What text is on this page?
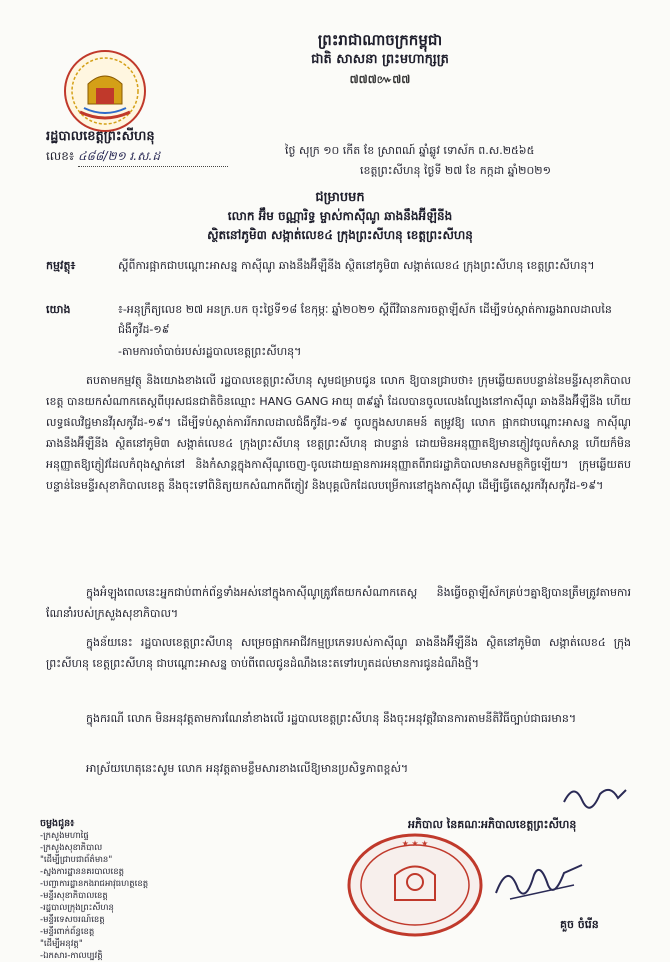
ព្រះរាជាណាចក្រកម្ពុជា
ជាតិ សាសនា ព្រះមហាក្សត្រ
៧៧៧៚៧៧
រដ្ឋបាលខេត្តព្រះសីហនុ
លេខ៖ ៤៨៨/២១ រ.ស.ដ	ថ្ងៃ សុក្រ ១០ កើត ខែ ស្រាពណ៍ ឆ្នាំឆ្លូវ ទោស័ក ព.ស.២៥៦៥
ខេត្តព្រះសីហនុ ថ្ងៃទី ២៧ ខែ កក្កដា ឆ្នាំ២០២១
ជម្រាបមក
លោក អ៊ឹម ចណ្ណារិទ្ធ ម្ចាស់កាស៊ីណូ ឆាងនឹងអ៊ីឡឺនីង
ស្ថិតនៅភូមិ៣ សង្កាត់លេខ៤ ក្រុងព្រះសីហនុ ខេត្តព្រះសីហនុ
កម្មវត្ថុ៖	ស្តីពីការផ្អាកជាបណ្តោះអាសន្ន កាស៊ីណូ ឆាងនឹងអ៊ីឡឺនីង ស្ថិតនៅភូមិ៣ សង្កាត់លេខ៤ ក្រុងព្រះសីហនុ ខេត្តព្រះសីហនុ។
យោង	៖-អនុក្រឹត្យលេខ ២៧ អនក្រ.បក ចុះថ្ងៃទី១៨ ខែកុម្ភៈ ឆ្នាំ២០២១ ស្តីពីវិធានការចត្តាឡីស័ក ដើម្បីទប់ស្កាត់ការឆ្លងរាលដាលនៃជំងឺកូវីដ-១៩
-តាមការចាំបាច់របស់រដ្ឋបាលខេត្តព្រះសីហនុ។
តបតាមកម្មវត្ថុ និងយោងខាងលើ រដ្ឋបាលខេត្តព្រះសីហនុ សូមជម្រាបជូន លោក ឱ្យបានជ្រាបថា៖ ក្រុមឆ្លើយតបបន្ទាន់នៃមន្ទីរសុខាភិបាលខេត្ត បានយកសំណាកតេស្តពីបុរសជនជាតិចិនឈ្មោះ HANG GANG អាយុ ៣៩ឆ្នាំ ដែលបានចូលលេងល្បែងនៅកាស៊ីណូ ឆាងនឹងអ៊ីឡឺនីង ហើយលទ្ធផលវិជ្ជមានវីរុសកូវីដ-១៩។ ដើម្បីទប់ស្កាត់ការរីករាលដាលជំងឺកូវីដ-១៩ ចូលក្នុងសហគមន៍ តម្រូវឱ្យ លោក ផ្អាកជាបណ្តោះអាសន្ន កាស៊ីណូ ឆាងនឹងអ៊ីឡឺនីង ស្ថិតនៅភូមិ៣ សង្កាត់លេខ៤ ក្រុងព្រះសីហនុ ខេត្តព្រះសីហនុ ជាបន្ទាន់ ដោយមិនអនុញ្ញាតឱ្យមានភ្ញៀវចូលកំសាន្ត ហើយក៏មិនអនុញ្ញាតឱ្យភ្ញៀវដែលកំពុងស្នាក់នៅ និងកំសាន្តក្នុងកាស៊ីណូចេញ-ចូលដោយគ្មានការអនុញ្ញាតពីរាជរដ្ឋាភិបាលមានសមត្ថកិច្ចឡើយ។ ក្រុមឆ្លើយតបបន្ទាន់នៃមន្ទីរសុខាភិបាលខេត្ត នឹងចុះទៅពិនិត្យយកសំណាកពីភ្ញៀវ និងបុគ្គលិកដែលបម្រើការនៅក្នុងកាស៊ីណូ ដើម្បីធ្វើតេស្តរកវីរុសកូវីដ-១៩។
ក្នុងអំឡុងពេលនេះអ្នកជាប់ពាក់ព័ន្ធទាំងអស់នៅក្នុងកាស៊ីណូត្រូវតែយកសំណាកតេស្ត និងធ្វើចត្តាឡីស័កគ្រប់ៗគ្នាឱ្យបានត្រឹមត្រូវតាមការណែនាំរបស់ក្រសួងសុខាភិបាល។
ក្នុងន័យនេះ រដ្ឋបាលខេត្តព្រះសីហនុ សម្រេចផ្អាកអាជីវកម្មប្រភេទរបស់កាស៊ីណូ ឆាងនឹងអ៊ីឡឺនីង ស្ថិតនៅភូមិ៣ សង្កាត់លេខ៤ ក្រុងព្រះសីហនុ ខេត្តព្រះសីហនុ ជាបណ្តោះអាសន្ន ចាប់ពីពេលជូនដំណឹងនេះតទៅរហូតដល់មានការជូនដំណឹងថ្មី។
ក្នុងករណី លោក មិនអនុវត្តតាមការណែនាំខាងលើ រដ្ឋបាលខេត្តព្រះសីហនុ នឹងចុះអនុវត្តវិធានការតាមនីតិវិធីច្បាប់ជាធរមាន។
អាស្រ័យហេតុនេះសូម លោក អនុវត្តតាមខ្លឹមសារខាងលើឱ្យមានប្រសិទ្ធភាពខ្ពស់។
ចម្លងជូន៖
-ក្រសួងមហាផ្ទៃ
-ក្រសួងសុខាភិបាល
"ដើម្បីជ្រាបជាព័ត៌មាន"
-ស្នងការដ្ឋាននគរបាលខេត្ត
-បញ្ជាការដ្ឋានកងរាជអាវុធហត្ថខេត្ត
-មន្ទីរសុខាភិបាលខេត្ត
-រដ្ឋបាលក្រុងព្រះសីហនុ
-មន្ទីរទេសចរណ៍ខេត្ត
-មន្ទីរពាក់ព័ន្ធខេត្ត
"ដើម្បីអនុវត្ត"
-ឯកសារ-កាលប្បវត្តិ
អភិបាល នៃគណៈអភិបាលខេត្តព្រះសីហនុ
★ ★ ★
គួច ចំរើន
